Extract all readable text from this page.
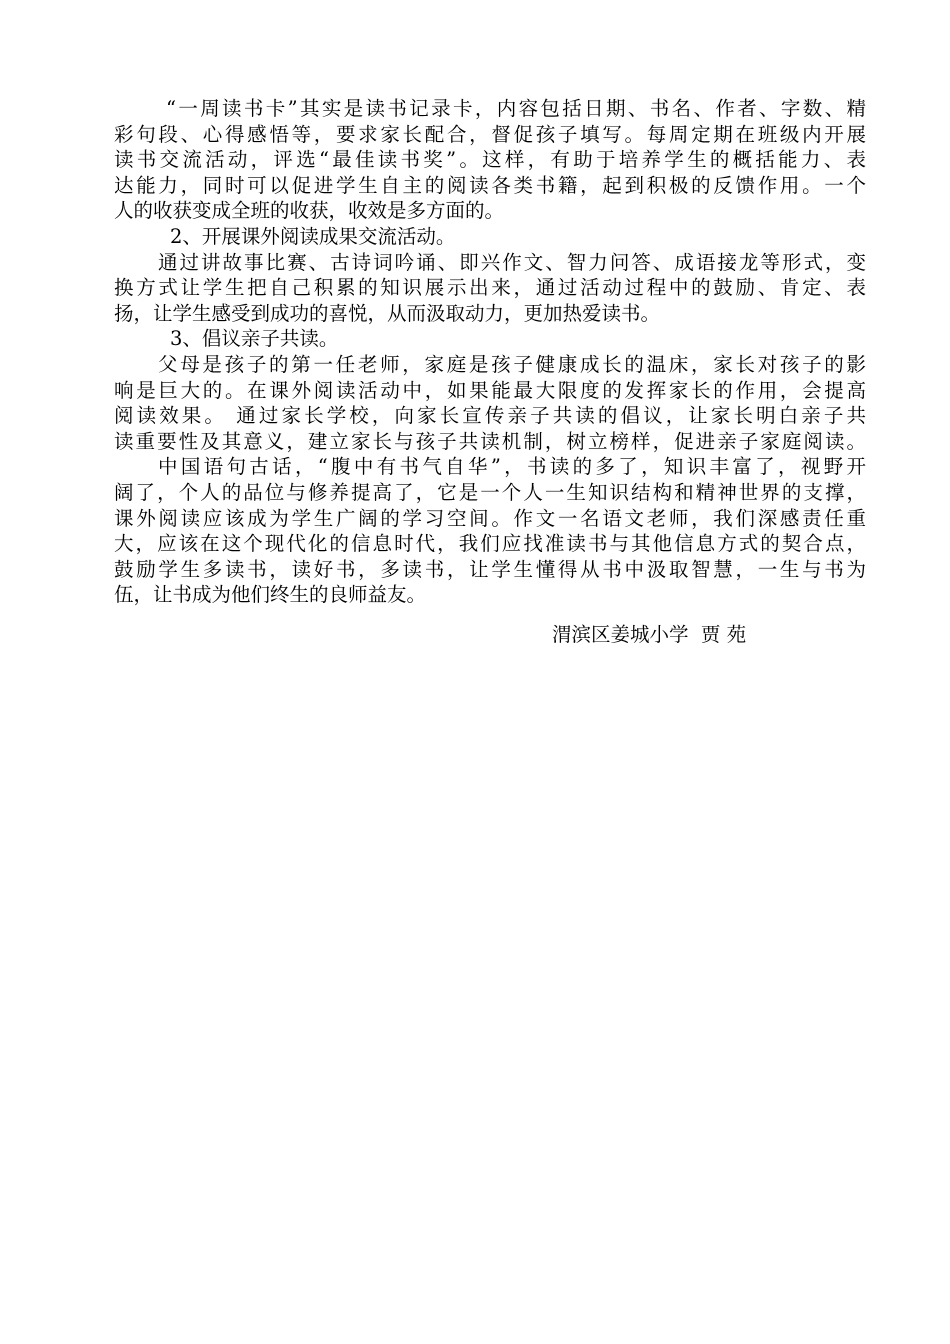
“一周读书卡”其实是读书记录卡，内容包括日期、书名、作者、字数、精
彩句段、心得感悟等，要求家长配合，督促孩子填写。每周定期在班级内开展
读书交流活动，评选“最佳读书奖”。这样，有助于培养学生的概括能力、表
达能力，同时可以促进学生自主的阅读各类书籍，起到积极的反馈作用。一个
人的收获变成全班的收获，收效是多方面的。
2、开展课外阅读成果交流活动。
通过讲故事比赛、古诗词吟诵、即兴作文、智力问答、成语接龙等形式，变
换方式让学生把自己积累的知识展示出来，通过活动过程中的鼓励、肯定、表
扬，让学生感受到成功的喜悦，从而汲取动力，更加热爱读书。
3、倡议亲子共读。
父母是孩子的第一任老师，家庭是孩子健康成长的温床，家长对孩子的影
响是巨大的。在课外阅读活动中，如果能最大限度的发挥家长的作用，会提高
阅读效果。 通过家长学校，向家长宣传亲子共读的倡议，让家长明白亲子共
读重要性及其意义，建立家长与孩子共读机制，树立榜样，促进亲子家庭阅读。
中国语句古话，“腹中有书气自华”，书读的多了，知识丰富了，视野开
阔了，个人的品位与修养提高了，它是一个人一生知识结构和精神世界的支撑，
课外阅读应该成为学生广阔的学习空间。作文一名语文老师，我们深感责任重
大，应该在这个现代化的信息时代，我们应找准读书与其他信息方式的契合点，
鼓励学生多读书，读好书，多读书，让学生懂得从书中汲取智慧，一生与书为
伍，让书成为他们终生的良师益友。
渭滨区姜城小学  贾 苑
